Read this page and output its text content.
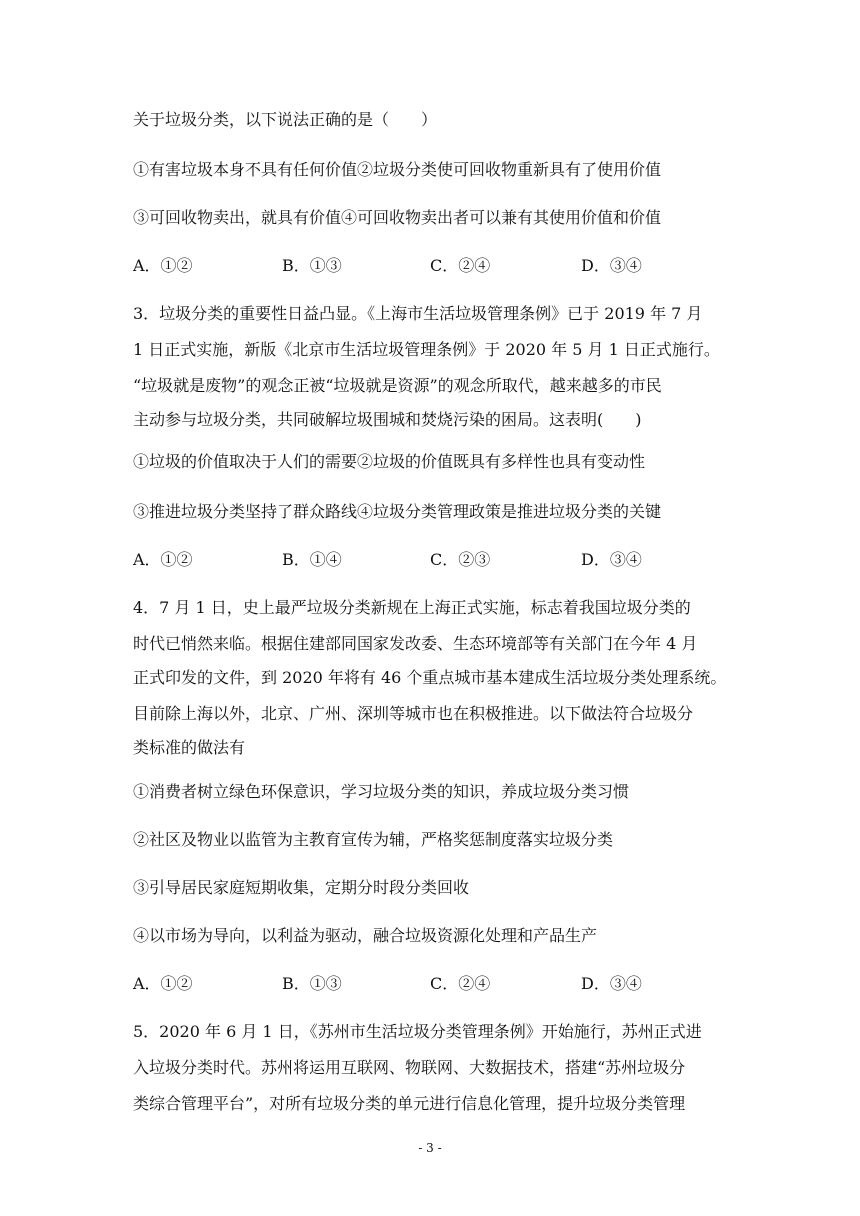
关于垃圾分类，以下说法正确的是（　　）
①有害垃圾本身不具有任何价值②垃圾分类使可回收物重新具有了使用价值
③可回收物卖出，就具有价值④可回收物卖出者可以兼有其使用价值和价值
A．①②	B．①③	C．②④	D．③④
3．垃圾分类的重要性日益凸显。《上海市生活垃圾管理条例》已于 2019 年 7 月
1 日正式实施，新版《北京市生活垃圾管理条例》于 2020 年 5 月 1 日正式施行。
“垃圾就是废物”的观念正被“垃圾就是资源”的观念所取代，越来越多的市民
主动参与垃圾分类，共同破解垃圾围城和焚烧污染的困局。这表明(　　)
①垃圾的价值取决于人们的需要②垃圾的价值既具有多样性也具有变动性
③推进垃圾分类坚持了群众路线④垃圾分类管理政策是推进垃圾分类的关键
A．①②	B．①④	C．②③	D．③④
4．7 月 1 日，史上最严垃圾分类新规在上海正式实施，标志着我国垃圾分类的
时代已悄然来临。根据住建部同国家发改委、生态环境部等有关部门在今年 4 月
正式印发的文件，到 2020 年将有 46 个重点城市基本建成生活垃圾分类处理系统。
目前除上海以外，北京、广州、深圳等城市也在积极推进。以下做法符合垃圾分
类标准的做法有
①消费者树立绿色环保意识，学习垃圾分类的知识，养成垃圾分类习惯
②社区及物业以监管为主教育宣传为辅，严格奖惩制度落实垃圾分类
③引导居民家庭短期收集，定期分时段分类回收
④以市场为导向，以利益为驱动，融合垃圾资源化处理和产品生产
A．①②	B．①③	C．②④	D．③④
5．2020 年 6 月 1 日，《苏州市生活垃圾分类管理条例》开始施行，苏州正式进
入垃圾分类时代。苏州将运用互联网、物联网、大数据技术，搭建“苏州垃圾分
类综合管理平台”，对所有垃圾分类的单元进行信息化管理，提升垃圾分类管理
- 3 -
